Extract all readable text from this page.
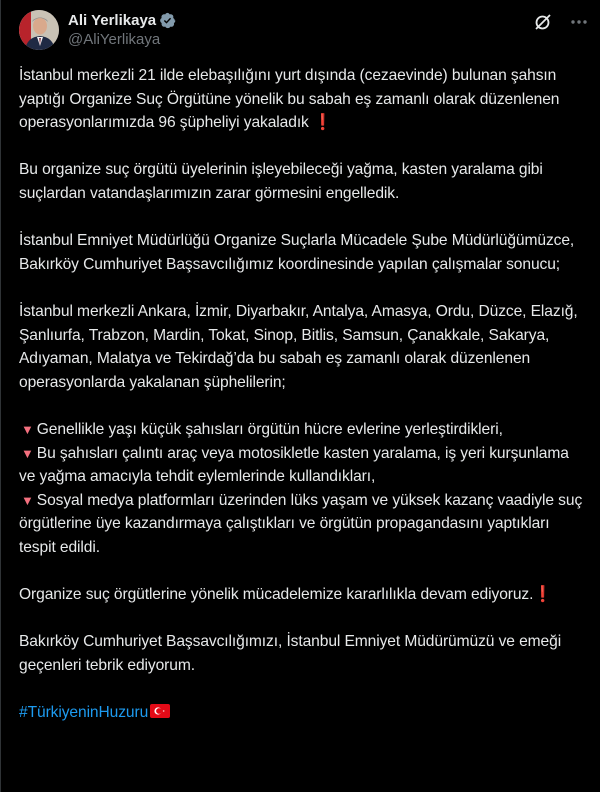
Ali Yerlikaya
@AliYerlikaya

İstanbul merkezli 21 ilde elebaşılığını yurt dışında (cezaevinde) bulunan şahsın yaptığı Organize Suç Örgütüne yönelik bu sabah eş zamanlı olarak düzenlenen operasyonlarımızda 96 şüpheliyi yakaladık ❗

Bu organize suç örgütü üyelerinin işleyebileceği yağma, kasten yaralama gibi suçlardan vatandaşlarımızın zarar görmesini engelledik.

İstanbul Emniyet Müdürlüğü Organize Suçlarla Mücadele Şube Müdürlüğümüzce, Bakırköy Cumhuriyet Başsavcılığımız koordinesinde yapılan çalışmalar sonucu;

İstanbul merkezli Ankara, İzmir, Diyarbakır, Antalya, Amasya, Ordu, Düzce, Elazığ, Şanlıurfa, Trabzon, Mardin, Tokat, Sinop, Bitlis, Samsun, Çanakkale, Sakarya, Adıyaman, Malatya ve Tekirdağ’da bu sabah eş zamanlı olarak düzenlenen operasyonlarda yakalanan şüphelilerin;

▼ Genellikle yaşı küçük şahısları örgütün hücre evlerine yerleştirdikleri,
▼ Bu şahısları çalıntı araç veya motosikletle kasten yaralama, iş yeri kurşunlama ve yağma amacıyla tehdit eylemlerinde kullandıkları,
▼ Sosyal medya platformları üzerinden lüks yaşam ve yüksek kazanç vaadiyle suç örgütlerine üye kazandırmaya çalıştıkları ve örgütün propagandasını yaptıkları tespit edildi.

Organize suç örgütlerine yönelik mücadelemize kararlılıkla devam ediyoruz.❗

Bakırköy Cumhuriyet Başsavcılığımızı, İstanbul Emniyet Müdürümüzü ve emeği geçenleri tebrik ediyorum.

#TürkiyeninHuzuru
